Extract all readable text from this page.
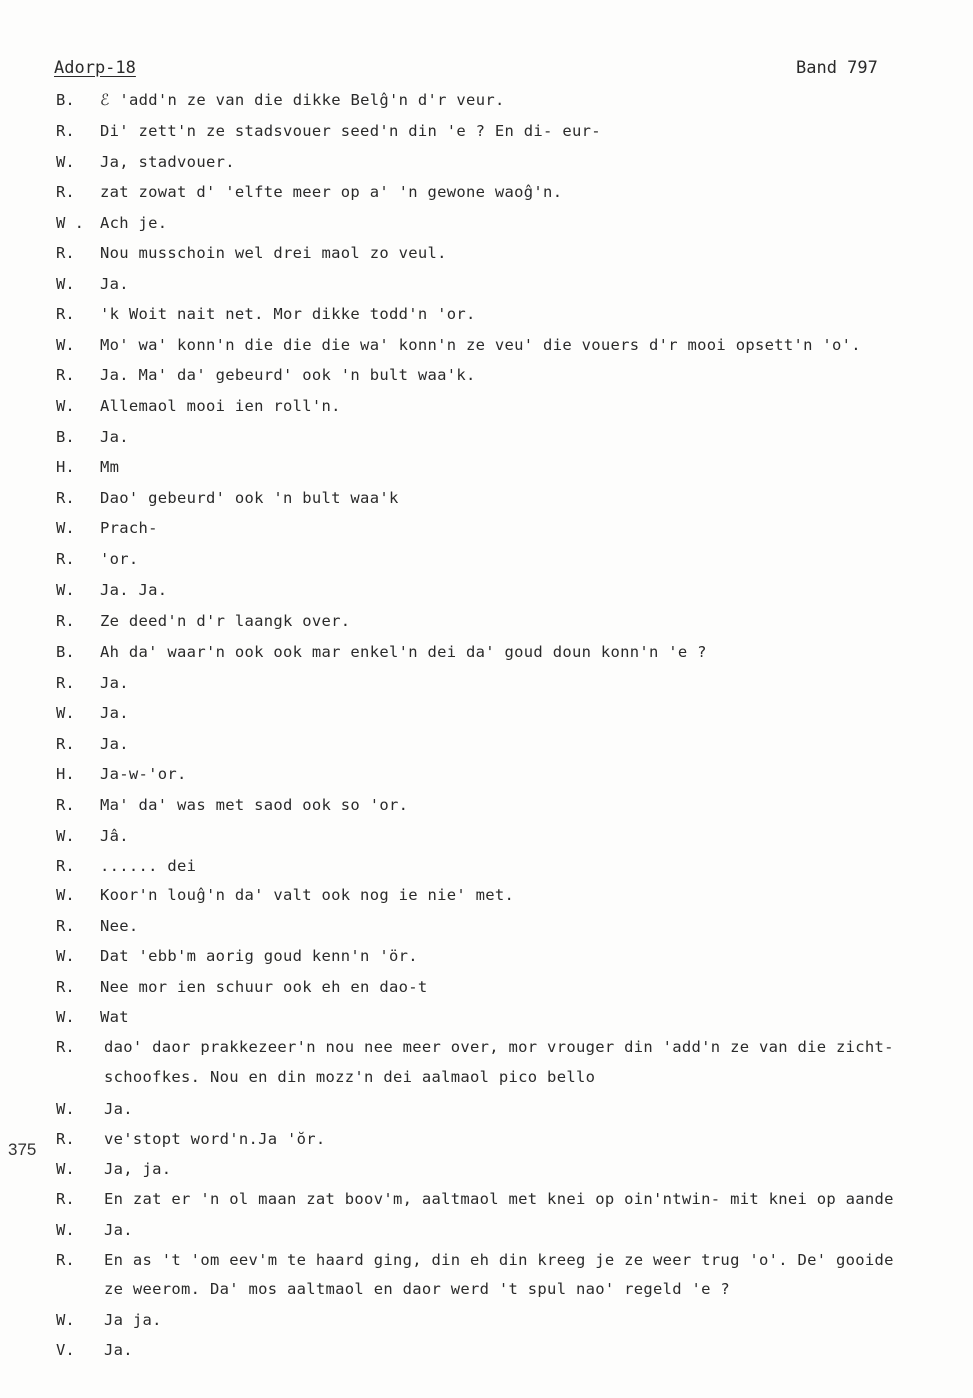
Adorp-18	Band 797
375
B. ℰ 'add'n ze van die dikke Belĝ'n d'r veur.
R. Di' zett'n ze stadsvouer seed'n din 'e ? En di- eur-
W. Ja, stadvouer.
R. zat zowat d' 'elfte meer op a' 'n gewone waoĝ'n.
W . Ach je.
R. Nou musschoin wel drei maol zo veul.
W. Ja.
R. 'k Woit nait net. Mor dikke todd'n 'or.
W. Mo' wa' konn'n die die die wa' konn'n ze veu' die vouers d'r mooi opsett'n 'o'.
R. Ja. Ma' da' gebeurd' ook 'n bult waa'k.
W. Allemaol mooi ien roll'n.
B. Ja.
H. Mm
R. Dao' gebeurd' ook 'n bult waa'k
W. Prach-
R. 'or.
W. Ja. Ja.
R. Ze deed'n d'r laangk over.
B. Ah da' waar'n ook ook mar enkel'n dei da' goud doun konn'n 'e ?
R. Ja.
W. Ja.
R. Ja.
H. Ja-w-'or.
R. Ma' da' was met saod ook so 'or.
W. Jâ.
R. ...... dei
W. Koor'n louĝ'n da' valt ook nog ie nie' met.
R. Nee.
W. Dat 'ebb'm aorig goud kenn'n 'ör.
R. Nee mor ien schuur ook eh en dao-t
W. Wat
R. dao' daor prakkezeer'n nou nee meer over, mor vrouger din 'add'n ze van die zicht-
schoofkes. Nou en din mozz'n dei aalmaol pico bello
W. Ja.
R. ve'stopt word'n.Ja 'ŏr.
W. Ja, ja.
R. En zat er 'n ol maan zat boov'm, aaltmaol met knei op oin'ntwin- mit knei op aande
W. Ja.
R. En as 't 'om eev'm te haard ging, din eh din kreeg je ze weer trug 'o'. De' gooide
ze weerom. Da' mos aaltmaol en daor werd 't spul nao' regeld 'e ?
W. Ja ja.
V. Ja.
